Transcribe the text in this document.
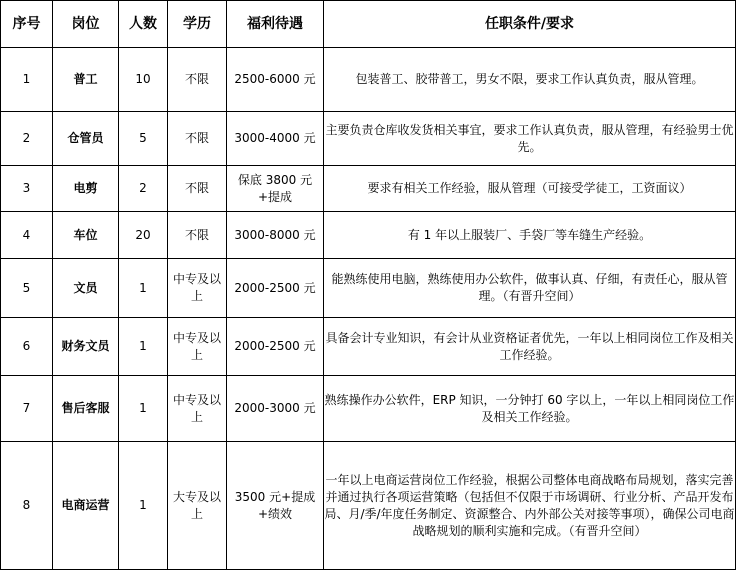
序号	岗位	人数	学历	福利待遇	任职条件/要求
1	普工	10	不限	2500-6000 元	包装普工、胶带普工，男女不限，要求工作认真负责，服从管理。
2	仓管员	5	不限	3000-4000 元	主要负责仓库收发货相关事宜，要求工作认真负责，服从管理，有经验男士优先。
3	电剪	2	不限	保底 3800 元+提成	要求有相关工作经验，服从管理（可接受学徒工，工资面议）
4	车位	20	不限	3000-8000 元	有 1 年以上服装厂、手袋厂等车缝生产经验。
5	文员	1	中专及以上	2000-2500 元	能熟练使用电脑，熟练使用办公软件，做事认真、仔细，有责任心，服从管理。（有晋升空间）
6	财务文员	1	中专及以上	2000-2500 元	具备会计专业知识，有会计从业资格证者优先，一年以上相同岗位工作及相关工作经验。
7	售后客服	1	中专及以上	2000-3000 元	熟练操作办公软件，ERP 知识，一分钟打 60 字以上，一年以上相同岗位工作及相关工作经验。
8	电商运营	1	大专及以上	3500 元+提成+绩效	一年以上电商运营岗位工作经验，根据公司整体电商战略布局规划，落实完善并通过执行各项运营策略（包括但不仅限于市场调研、行业分析、产品开发布局、月/季/年度任务制定、资源整合、内外部公关对接等事项），确保公司电商战略规划的顺利实施和完成。（有晋升空间）
